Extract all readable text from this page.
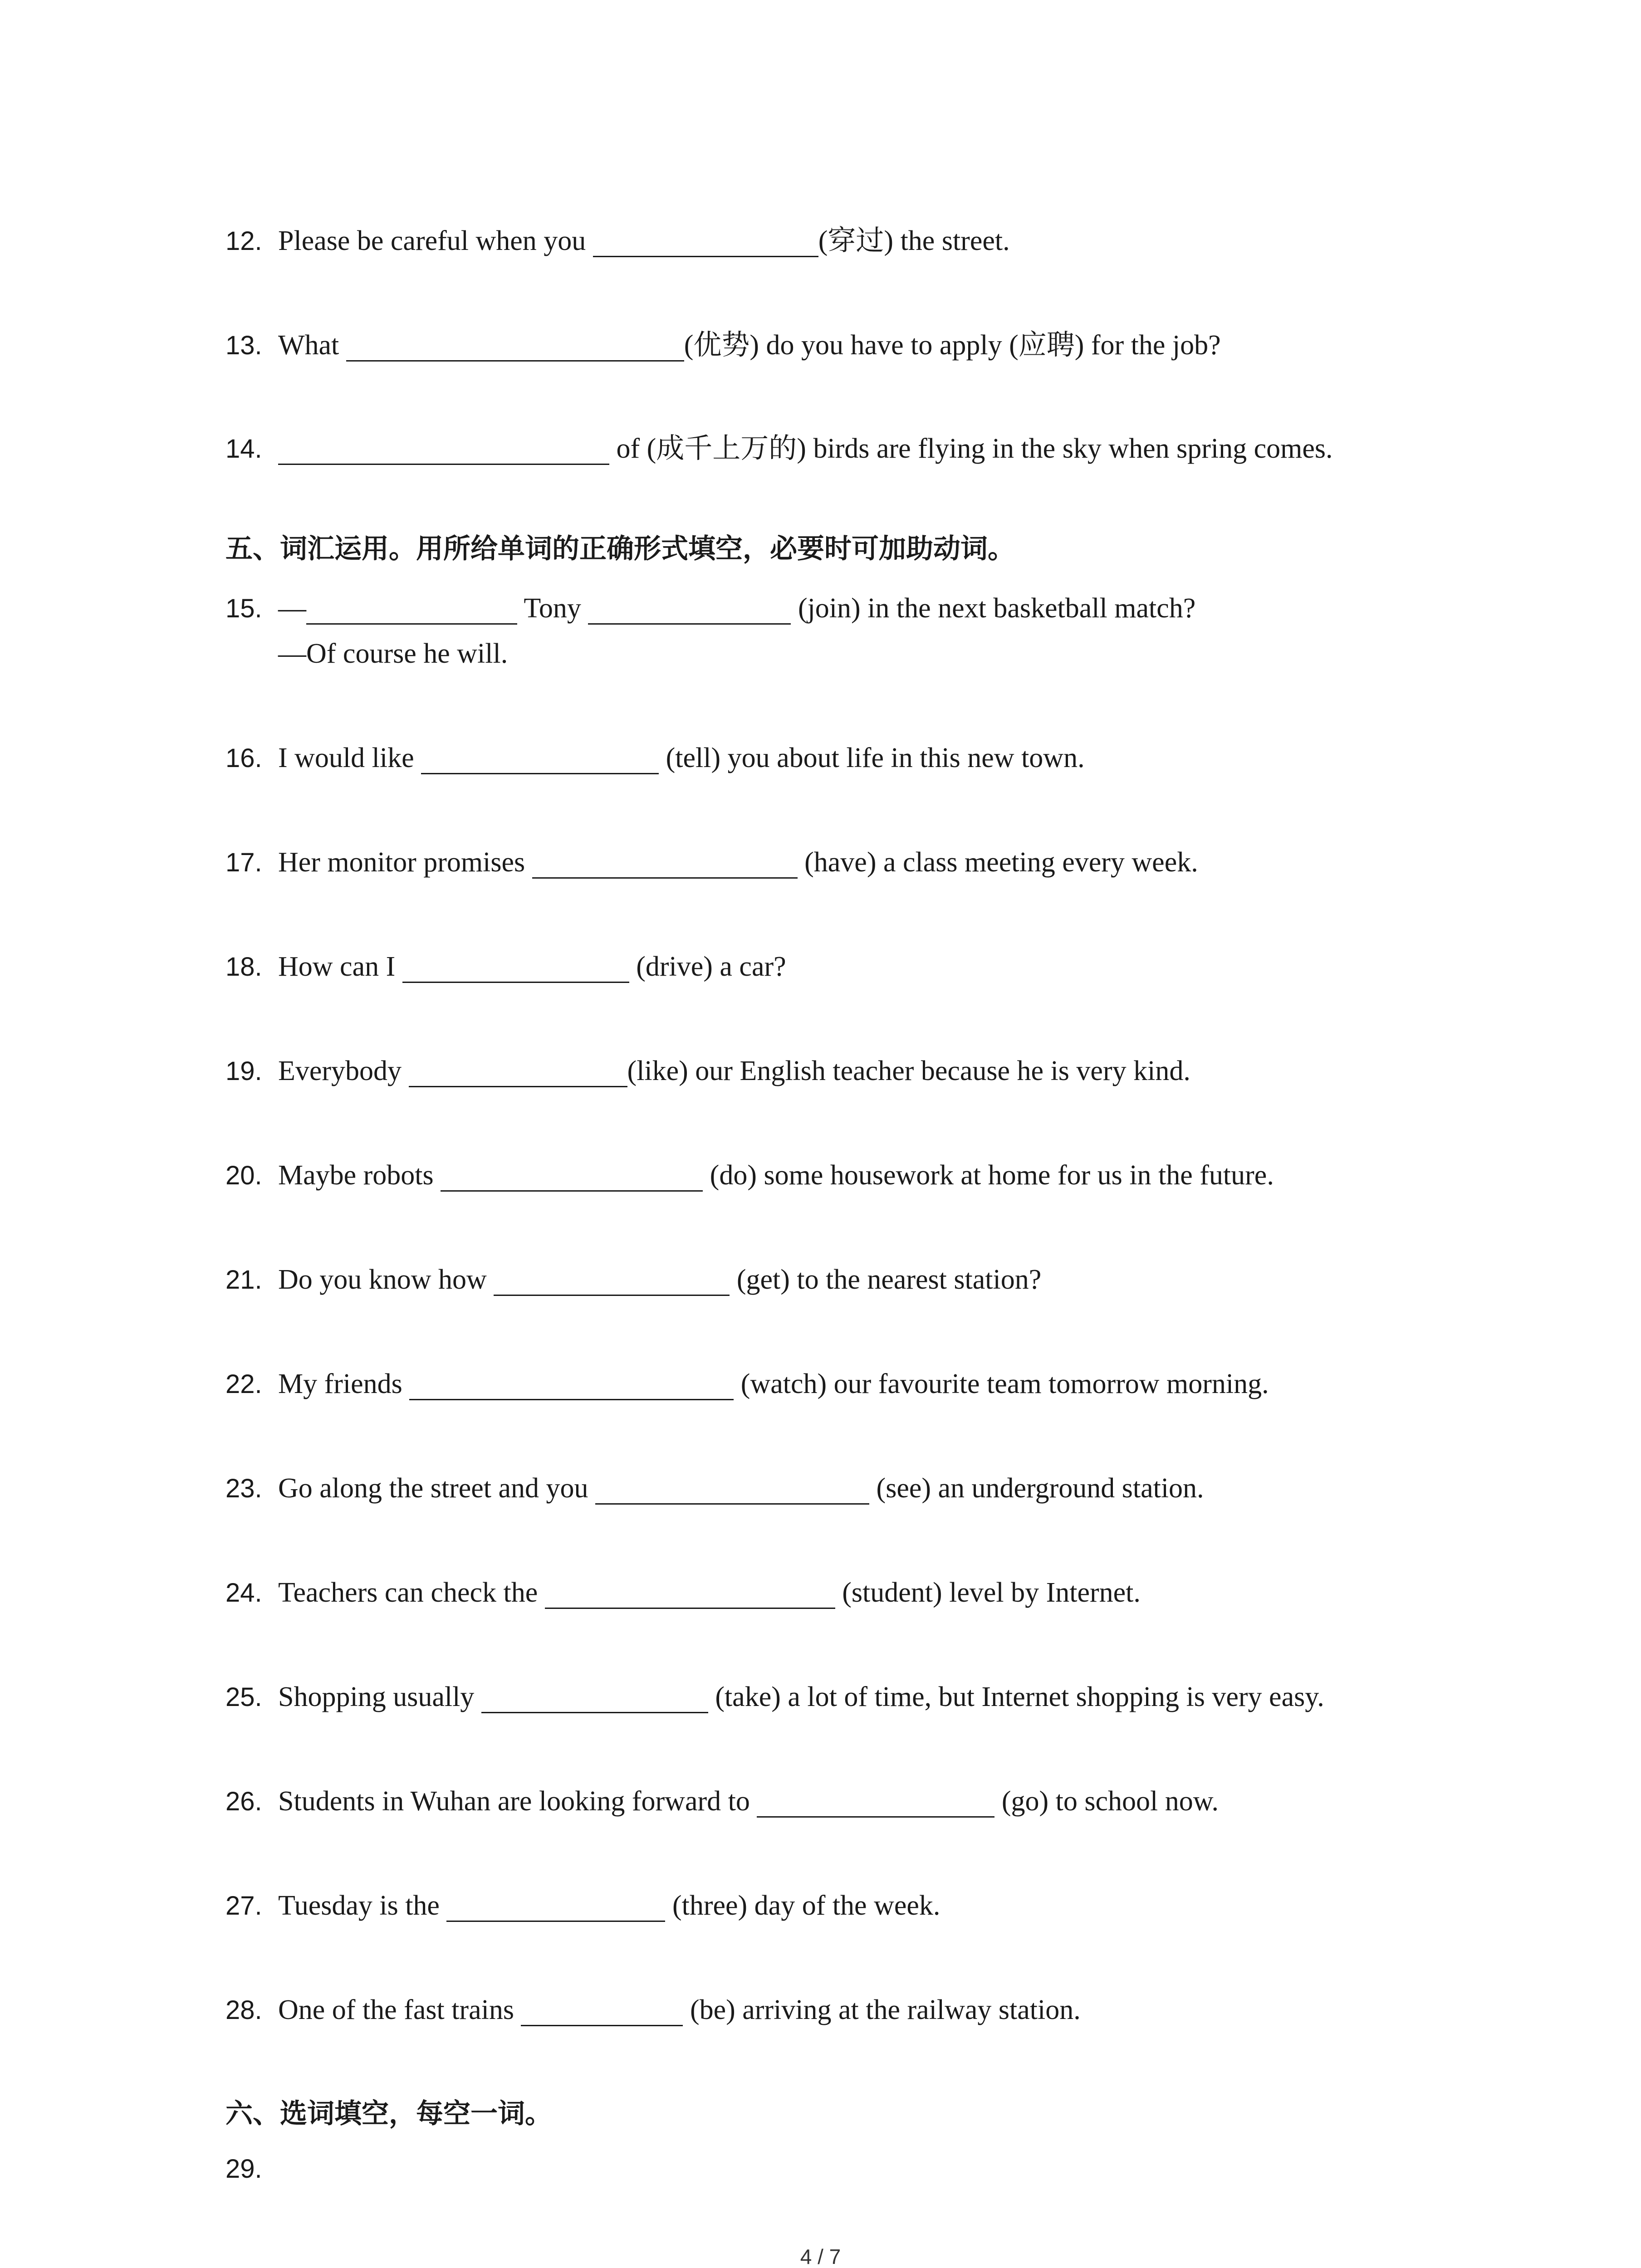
12. Please be careful when you	(穿过) the street.
13. What	(优势) do you have to apply (应聘) for the job?
14.	of (成千上万的) birds are flying in the sky when spring comes.
五、词汇运用。用所给单词的正确形式填空，必要时可加助动词。
15. —	Tony	(join) in the next basketball match?
—Of course he will.
16. I would like	(tell) you about life in this new town.
17. Her monitor promises	(have) a class meeting every week.
18. How can I	(drive) a car?
19. Everybody	(like) our English teacher because he is very kind.
20. Maybe robots	(do) some housework at home for us in the future.
21. Do you know how	(get) to the nearest station?
22. My friends	(watch) our favourite team tomorrow morning.
23. Go along the street and you	(see) an underground station.
24. Teachers can check the	(student) level by Internet.
25. Shopping usually	(take) a lot of time, but Internet shopping is very easy.
26. Students in Wuhan are looking forward to	(go) to school now.
27. Tuesday is the	(three) day of the week.
28. One of the fast trains	(be) arriving at the railway station.
六、选词填空，每空一词。
29.
4 / 7
